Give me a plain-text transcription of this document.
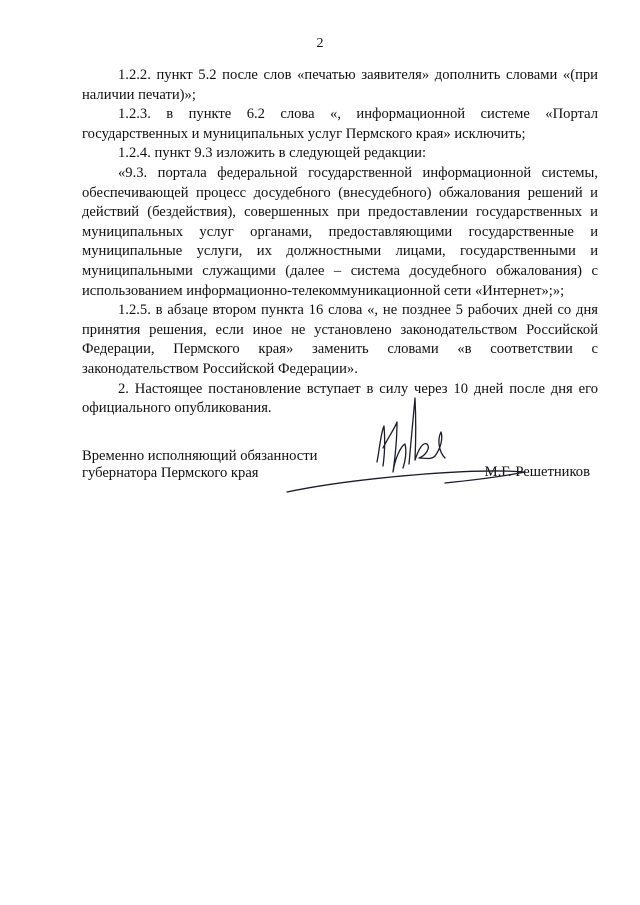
2

1.2.2. пункт 5.2 после слов «печатью заявителя» дополнить словами «(при наличии печати)»;

1.2.3. в пункте 6.2 слова «, информационной системе «Портал государственных и муниципальных услуг Пермского края» исключить;

1.2.4. пункт 9.3 изложить в следующей редакции:

«9.3. портала федеральной государственной информационной системы, обеспечивающей процесс досудебного (внесудебного) обжалования решений и действий (бездействия), совершенных при предоставлении государственных и муниципальных услуг органами, предоставляющими государственные и муниципальные услуги, их должностными лицами, государственными и муниципальными служащими (далее – система досудебного обжалования) с использованием информационно-телекоммуникационной сети «Интернет»;»;

1.2.5. в абзаце втором пункта 16 слова «, не позднее 5 рабочих дней со дня принятия решения, если иное не установлено законодательством Российской Федерации, Пермского края» заменить словами «в соответствии с законодательством Российской Федерации».

2. Настоящее постановление вступает в силу через 10 дней после дня его официального опубликования.

Временно исполняющий обязанности
губернатора Пермского края	М.Г. Решетников
